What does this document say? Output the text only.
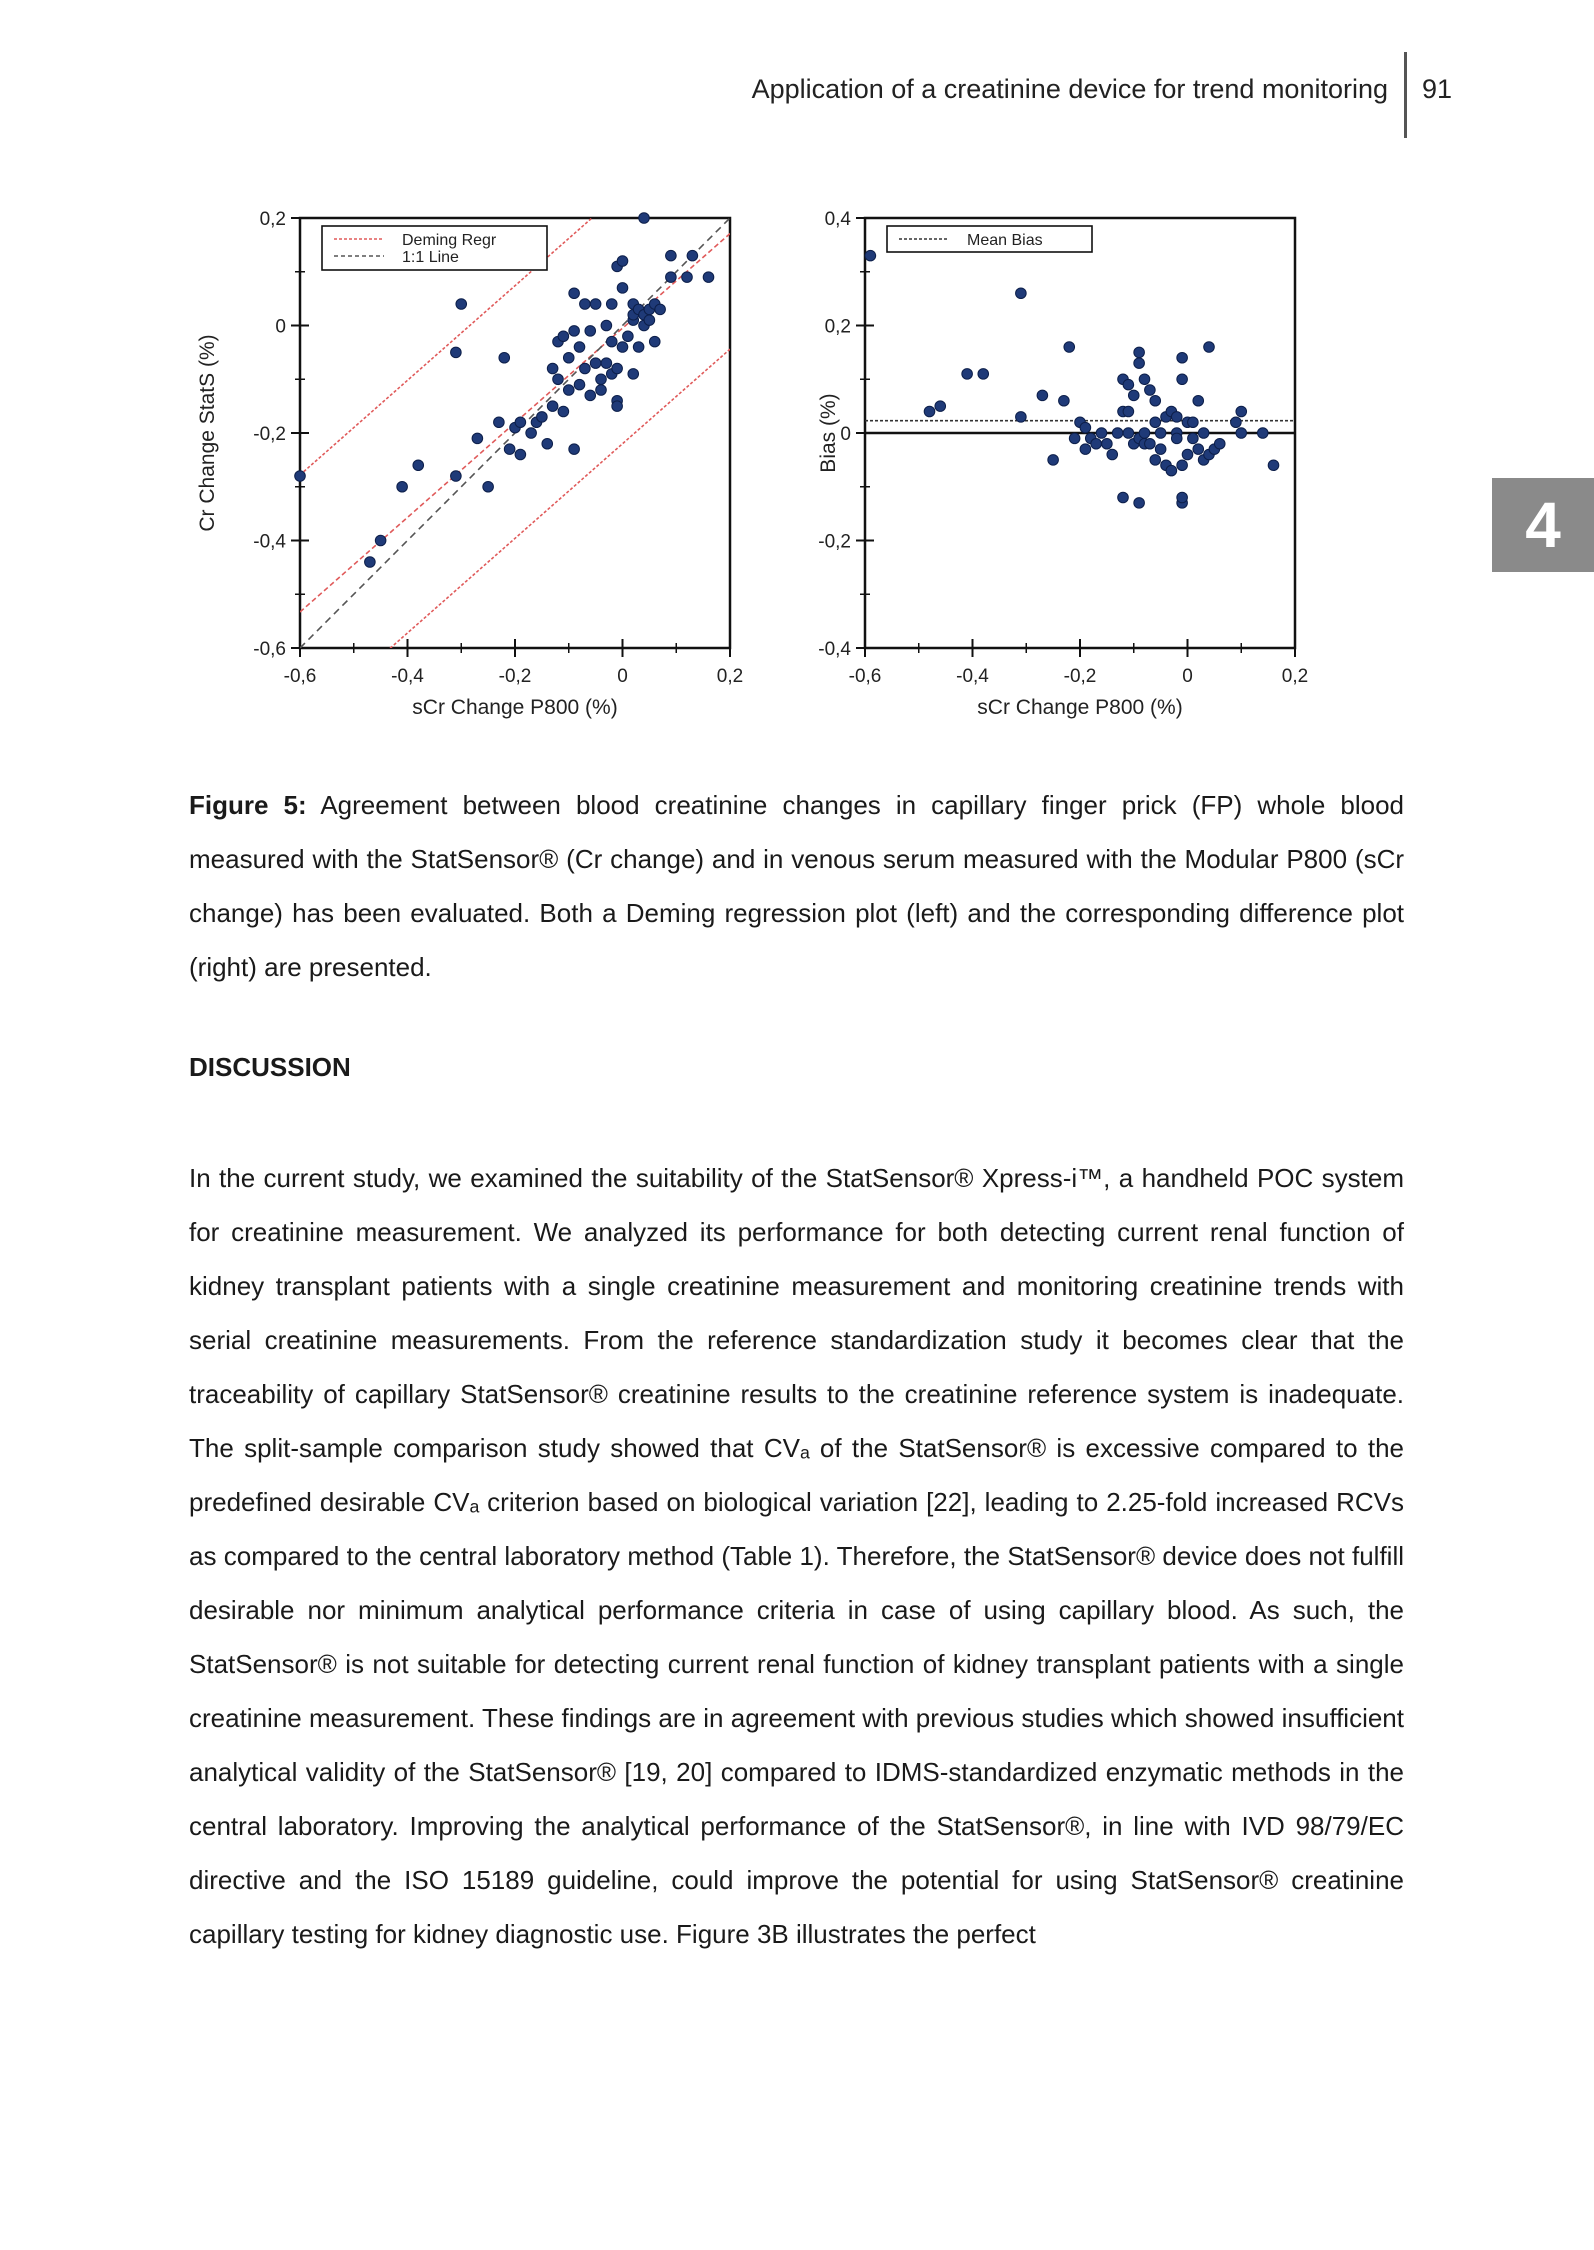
Application of a creatinine device for trend monitoring 91
4
-0,6	-0,4	-0,2	0	0,2
-0,6
-0,4
-0,2
0
0,2
sCr Change P800 (%)
Cr Change StatS (%)
Deming Regr
1:1 Line
-0,6	-0,4	-0,2	0	0,2
-0,4
-0,2
0
0,2
0,4
sCr Change P800 (%)
Bias (%)
Mean Bias
Figure 5: Agreement between blood creatinine changes in capillary finger prick (FP) whole blood measured with the StatSensor® (Cr change) and in venous serum measured with the Modular P800 (sCr change) has been evaluated. Both a Deming regression plot (left) and the corresponding difference plot (right) are presented.
DISCUSSION
In the current study, we examined the suitability of the StatSensor® Xpress-i™, a handheld POC system for creatinine measurement. We analyzed its performance for both detecting current renal function of kidney transplant patients with a single creatinine measurement and monitoring creatinine trends with serial creatinine measurements. From the reference standardization study it becomes clear that the traceability of capillary StatSensor® creatinine results to the creatinine reference system is inadequate. The split-sample comparison study showed that CVₐ of the StatSensor® is excessive compared to the predefined desirable CVₐ criterion based on biological variation [22], leading to 2.25-fold increased RCVs as compared to the central laboratory method (Table 1). Therefore, the StatSensor® device does not fulfill desirable nor minimum analytical performance criteria in case of using capillary blood. As such, the StatSensor® is not suitable for detecting current renal function of kidney transplant patients with a single creatinine measurement. These findings are in agreement with previous studies which showed insufficient analytical validity of the StatSensor® [19, 20] compared to IDMS-standardized enzymatic methods in the central laboratory. Improving the analytical performance of the StatSensor®, in line with IVD 98/79/EC directive and the ISO 15189 guideline, could improve the potential for using StatSensor® creatinine capillary testing for kidney diagnostic use. Figure 3B illustrates the perfect
